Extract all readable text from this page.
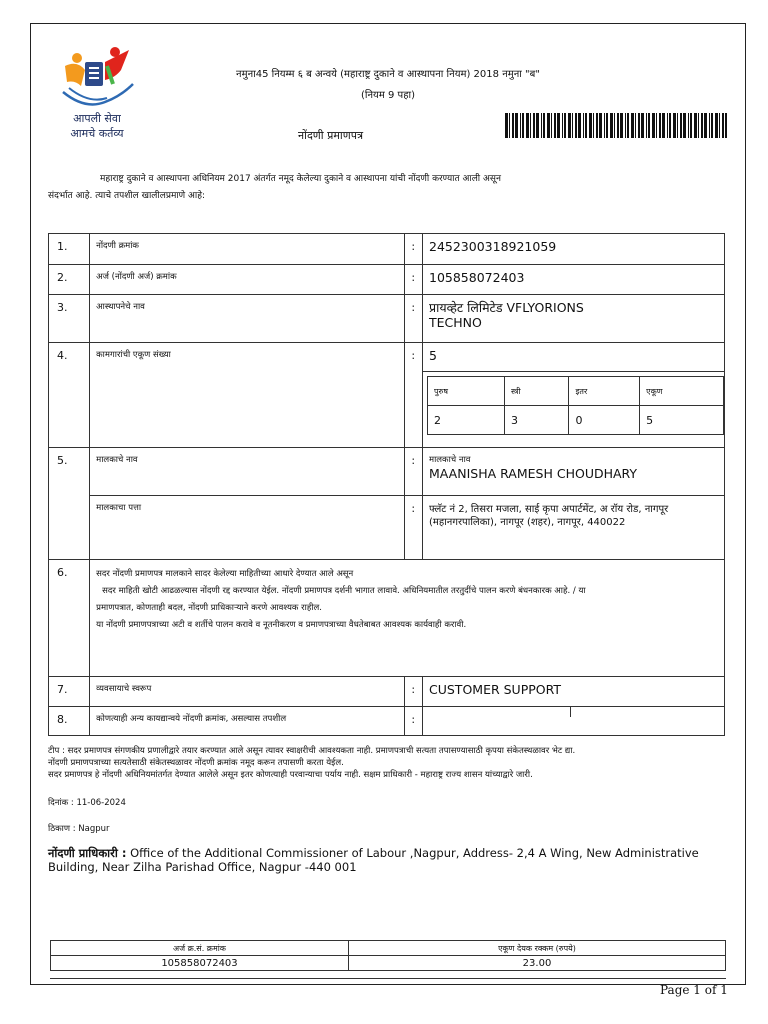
आपली सेवा
आमचे कर्तव्य
नमुना45 नियम्म ६ ब अन्वये (महाराष्ट्र दुकाने व आस्थापना नियम) 2018 नमुना "ब"
(नियम 9 पहा)
नोंदणी प्रमाणपत्र
महाराष्ट्र दुकाने व आस्थापना अधिनियम 2017 अंतर्गत नमूद केलेल्या दुकाने व आस्थापना यांची नोंदणी करण्यात आली असून
संदर्भात आहे. त्याचे तपशील खालीलप्रमाणे आहे:
1.	नोंदणी क्रमांक	:	2452300318921059
2.	अर्ज (नोंदणी अर्ज) क्रमांक	:	105858072403
3.	आस्थापनेचे नाव	:	प्रायव्हेट लिमिटेड VFLYORIONS
TECHNO

4.	कामगारांची एकूण संख्या	:	5
पुरुष	स्त्री	इतर	एकूण
2	3	0	5

5.	मालकाचे नाव	:	मालकाचे नाव
MAANISHA RAMESH CHOUDHARY

मालकाचा पत्ता	:	फ्लॅट नं 2, तिसरा मजला, साई कृपा अपार्टमेंट, अ रॉय रोड, नागपूर (महानगरपालिका), नागपूर (शहर), नागपूर, 440022
6.	सदर नोंदणी प्रमाणपत्र मालकाने सादर केलेल्या माहितीच्या आधारे देण्यात आले असून
सदर माहिती खोटी आढळल्यास नोंदणी रद्द करण्यात येईल. नोंदणी प्रमाणपत्र दर्शनी भागात लावावे. अधिनियमातील तरतुदींचे पालन करणे बंधनकारक आहे. / या
प्रमाणपत्रात, कोणताही बदल, नोंदणी प्राधिकाऱ्याने करणे आवश्यक राहील.
या नोंदणी प्रमाणपत्राच्या अटी व शर्तीचे पालन करावे व नूतनीकरण व प्रमाणपत्राच्या वैधतेबाबत आवश्यक कार्यवाही करावी.

7.	व्यवसायाचे स्वरूप	:	CUSTOMER SUPPORT
8.	कोणत्याही अन्य कायद्यान्वये नोंदणी क्रमांक, असल्यास तपशील	:	
टीप : सदर प्रमाणपत्र संगणकीय प्रणालीद्वारे तयार करण्यात आले असून त्यावर स्वाक्षरीची आवश्यकता नाही. प्रमाणपत्राची सत्यता तपासण्यासाठी कृपया संकेतस्थळावर भेट द्या.
नोंदणी प्रमाणपत्राच्या सत्यतेसाठी संकेतस्थळावर नोंदणी क्रमांक नमूद करून तपासणी करता येईल.
सदर प्रमाणपत्र हे नोंदणी अधिनियमांतर्गत देण्यात आलेले असून इतर कोणत्याही परवान्याचा पर्याय नाही. सक्षम प्राधिकारी - महाराष्ट्र राज्य शासन यांच्याद्वारे जारी.
दिनांक : 11-06-2024
ठिकाण : Nagpur
नोंदणी प्राधिकारी : Office of the Additional Commissioner of Labour ,Nagpur, Address- 2,4 A Wing, New Administrative Building, Near Zilha Parishad Office, Nagpur -440 001
अर्ज क्र.सं. क्रमांक	एकूण देयक रक्कम (रुपये)
105858072403	23.00
Page 1 of 1
